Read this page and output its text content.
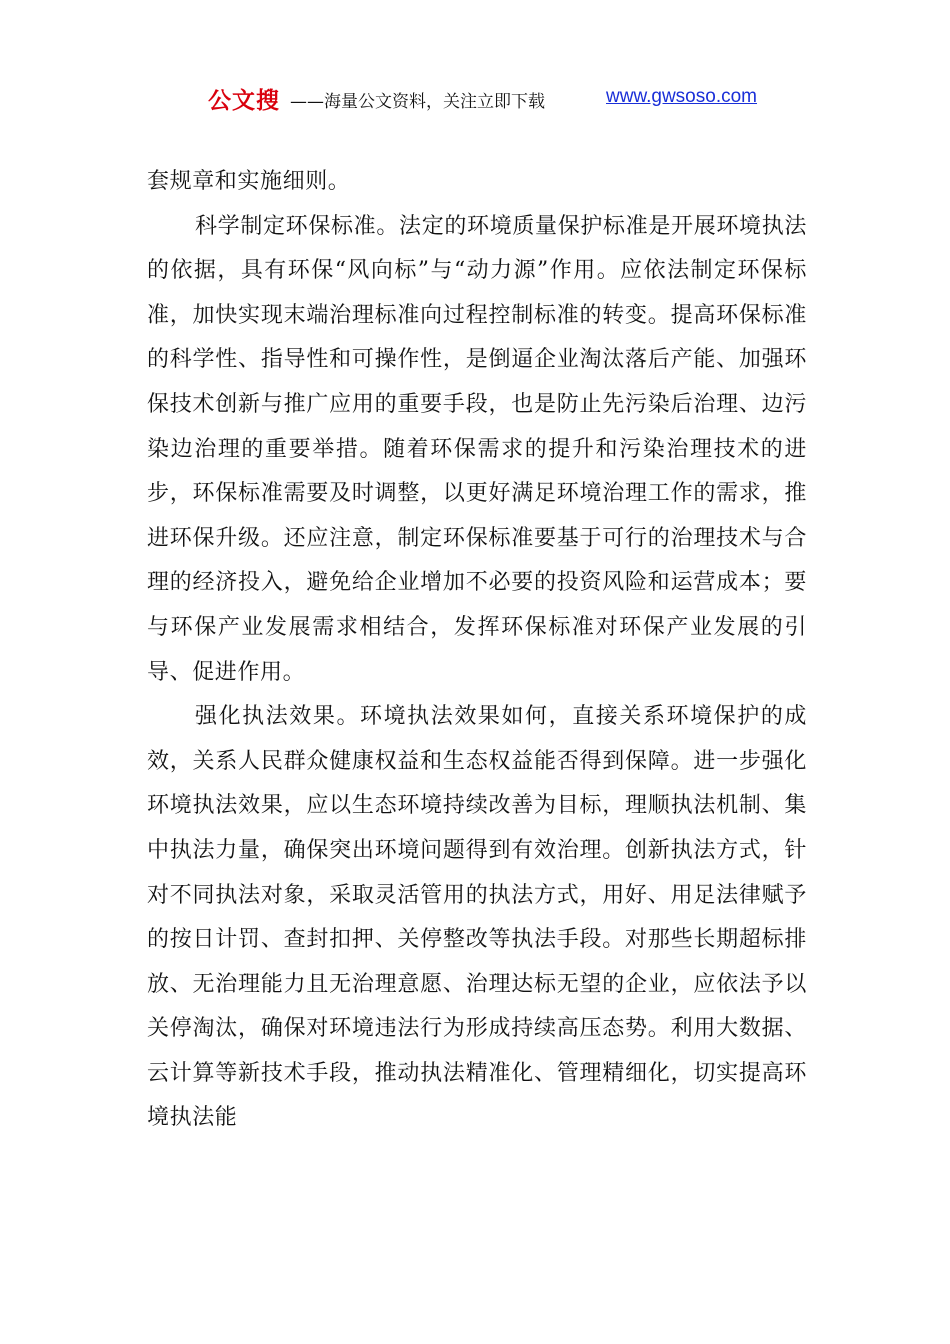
公文搜 ——海量公文资料，关注立即下载	www.gwsoso.com

套规章和实施细则。

科学制定环保标准。法定的环境质量保护标准是开展环境执法的依据，具有环保“风向标”与“动力源”作用。应依法制定环保标准，加快实现末端治理标准向过程控制标准的转变。提高环保标准的科学性、指导性和可操作性，是倒逼企业淘汰落后产能、加强环保技术创新与推广应用的重要手段，也是防止先污染后治理、边污染边治理的重要举措。随着环保需求的提升和污染治理技术的进步，环保标准需要及时调整，以更好满足环境治理工作的需求，推进环保升级。还应注意，制定环保标准要基于可行的治理技术与合理的经济投入，避免给企业增加不必要的投资风险和运营成本；要与环保产业发展需求相结合，发挥环保标准对环保产业发展的引导、促进作用。

强化执法效果。环境执法效果如何，直接关系环境保护的成效，关系人民群众健康权益和生态权益能否得到保障。进一步强化环境执法效果，应以生态环境持续改善为目标，理顺执法机制、集中执法力量，确保突出环境问题得到有效治理。创新执法方式，针对不同执法对象，采取灵活管用的执法方式，用好、用足法律赋予的按日计罚、查封扣押、关停整改等执法手段。对那些长期超标排放、无治理能力且无治理意愿、治理达标无望的企业，应依法予以关停淘汰，确保对环境违法行为形成持续高压态势。利用大数据、云计算等新技术手段，推动执法精准化、管理精细化，切实提高环境执法能
